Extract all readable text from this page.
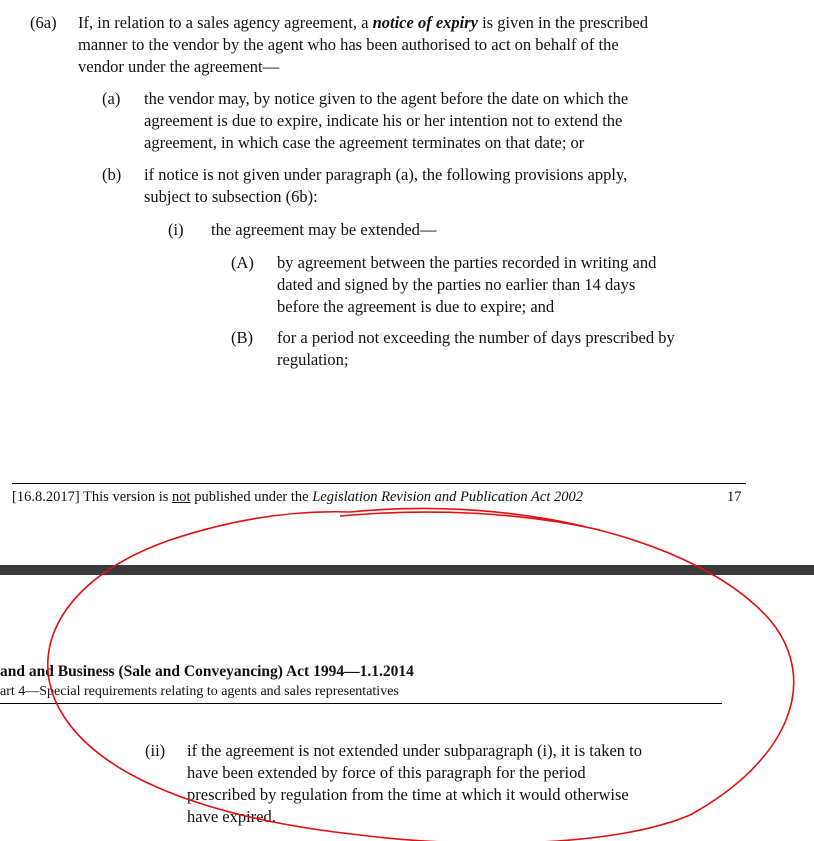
(6a) If, in relation to a sales agency agreement, a notice of expiry is given in the prescribed
manner to the vendor by the agent who has been authorised to act on behalf of the
vendor under the agreement—
(a) the vendor may, by notice given to the agent before the date on which the
agreement is due to expire, indicate his or her intention not to extend the
agreement, in which case the agreement terminates on that date; or
(b) if notice is not given under paragraph (a), the following provisions apply,
subject to subsection (6b):
(i) the agreement may be extended—
(A) by agreement between the parties recorded in writing and
dated and signed by the parties no earlier than 14 days
before the agreement is due to expire; and
(B) for a period not exceeding the number of days prescribed by
regulation;
[16.8.2017] This version is not published under the Legislation Revision and Publication Act 2002	17
and and Business (Sale and Conveyancing) Act 1994—1.1.2014
art 4—Special requirements relating to agents and sales representatives
(ii) if the agreement is not extended under subparagraph (i), it is taken to
have been extended by force of this paragraph for the period
prescribed by regulation from the time at which it would otherwise
have expired.
